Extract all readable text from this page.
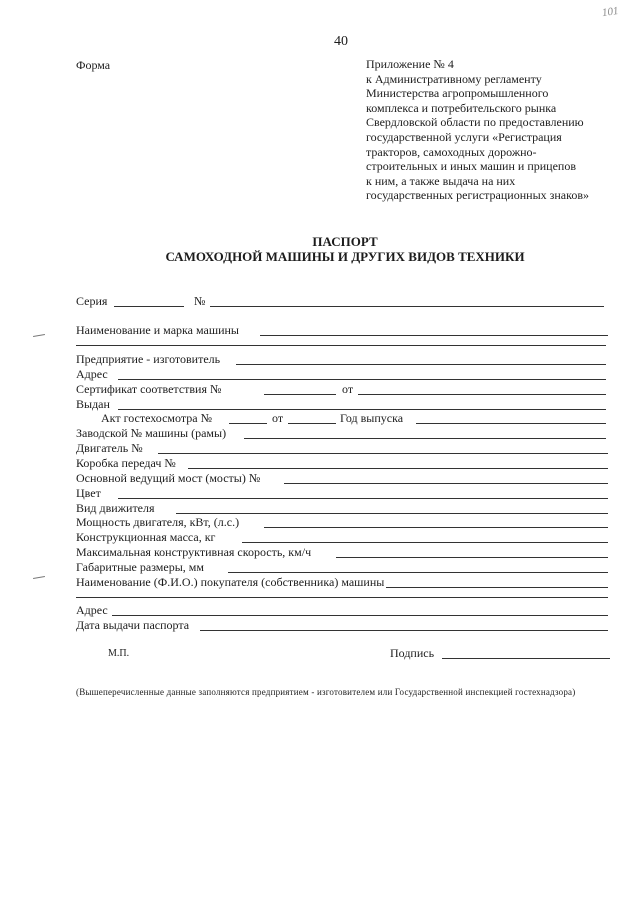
101
40
Форма	Приложение № 4
к Административному регламенту
Министерства агропромышленного
комплекса и потребительского рынка
Свердловской области по предоставлению
государственной услуги «Регистрация
тракторов, самоходных дорожно-
строительных и иных машин и прицепов
к ним, а также выдача на них
государственных регистрационных знаков»
ПАСПОРТ
САМОХОДНОЙ МАШИНЫ И ДРУГИХ ВИДОВ ТЕХНИКИ
Серия	№
Наименование и марка машины
Предприятие - изготовитель
Адрес
Сертификат соответствия №	от
Выдан
Акт гостехосмотра №	от	Год выпуска
Заводской № машины (рамы)
Двигатель №
Коробка передач №
Основной ведущий мост (мосты) №
Цвет
Вид движителя
Мощность двигателя, кВт, (л.с.)
Конструкционная масса, кг
Максимальная конструктивная скорость, км/ч
Габаритные размеры, мм
Наименование (Ф.И.О.) покупателя (собственника) машины
Адрес
Дата выдачи паспорта
М.П.	Подпись
(Вышеперечисленные данные заполняются предприятием - изготовителем или Государственной инспекцией гостехнадзора)
